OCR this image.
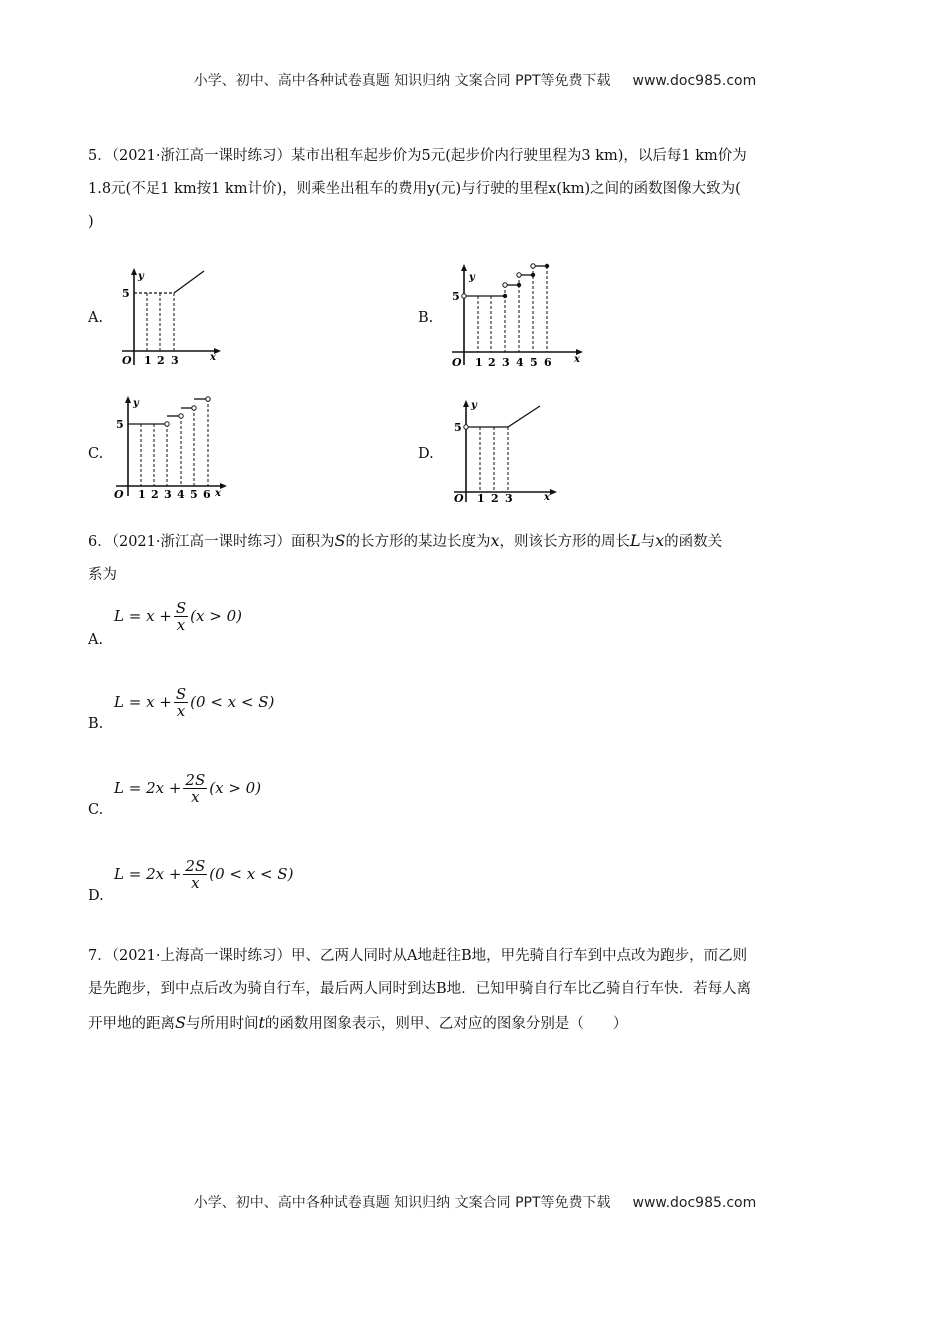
小学、初中、高中各种试卷真题 知识归纳 文案合同 PPT等免费下载 www.doc985.com
5．（2021·浙江高一课时练习）某市出租车起步价为5元(起步价内行驶里程为3 km)，以后每1 km价为
1.8元(不足1 km按1 km计价)，则乘坐出租车的费用y(元)与行驶的里程x(km)之间的函数图像大致为(
)
A.
y
5
O 1 2 3	x
B.
y
5
O 1 2 3 4 5 6 x
C.
y
5
O 1 2 3 4 5 6 x
D.
y
5
O 1 2 3	x
6．（2021·浙江高一课时练习）面积为S的长方形的某边长度为x，则该长方形的周长L与x的函数关
系为
A.
$L = x + \frac{S}{x} (x > 0)$
B.
$L = x + \frac{S}{x} (0 < x < S)$
C.
$L = 2x + \frac{2S}{x} (x > 0)$
D.
$L = 2x + \frac{2S}{x} (0 < x < S)$
7．（2021·上海高一课时练习）甲、乙两人同时从A地赶往B地，甲先骑自行车到中点改为跑步，而乙则
是先跑步，到中点后改为骑自行车，最后两人同时到达B地．已知甲骑自行车比乙骑自行车快．若每人离
开甲地的距离S与所用时间t的函数用图象表示，则甲、乙对应的图象分别是（　　）
小学、初中、高中各种试卷真题 知识归纳 文案合同 PPT等免费下载 www.doc985.com
